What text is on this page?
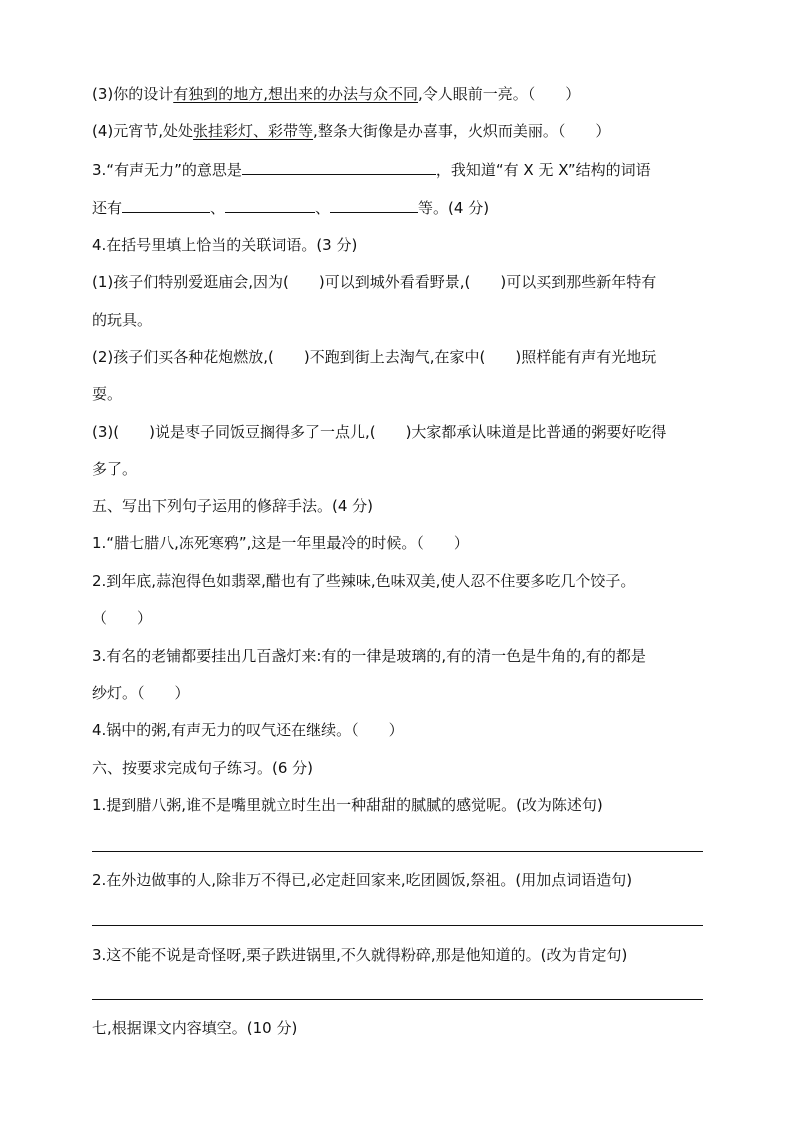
(3)你的设计有独到的地方,想出来的办法与众不同,令人眼前一亮。（　　）
(4)元宵节,处处张挂彩灯、彩带等,整条大街像是办喜事，火炽而美丽。（　　）
3.“有声无力”的意思是	，我知道“有 X 无 X”结构的词语
还有	、	、	等。(4 分)
4.在括号里填上恰当的关联词语。(3 分)
(1)孩子们特别爱逛庙会,因为(　　)可以到城外看看野景,(　　)可以买到那些新年特有
的玩具。
(2)孩子们买各种花炮燃放,(　　)不跑到街上去淘气,在家中(　　)照样能有声有光地玩
耍。
(3)(　　)说是枣子同饭豆搁得多了一点儿,(　　)大家都承认味道是比普通的粥要好吃得
多了。
五、写出下列句子运用的修辞手法。(4 分)
1.“腊七腊八,冻死寒鸦”,这是一年里最冷的时候。（　　）
2.到年底,蒜泡得色如翡翠,醋也有了些辣味,色味双美,使人忍不住要多吃几个饺子。
（　　）
3.有名的老铺都要挂出几百盏灯来:有的一律是玻璃的,有的清一色是牛角的,有的都是
纱灯。（　　）
4.锅中的粥,有声无力的叹气还在继续。（　　）
六、按要求完成句子练习。(6 分)
1.提到腊八粥,谁不是嘴里就立时生出一种甜甜的腻腻的感觉呢。(改为陈述句)
2.在外边做事的人,除非万不得已,必定赶回家来,吃团圆饭,祭祖。(用加点词语造句)
3.这不能不说是奇怪呀,栗子跌进锅里,不久就得粉碎,那是他知道的。(改为肯定句)
七,根据课文内容填空。(10 分)
